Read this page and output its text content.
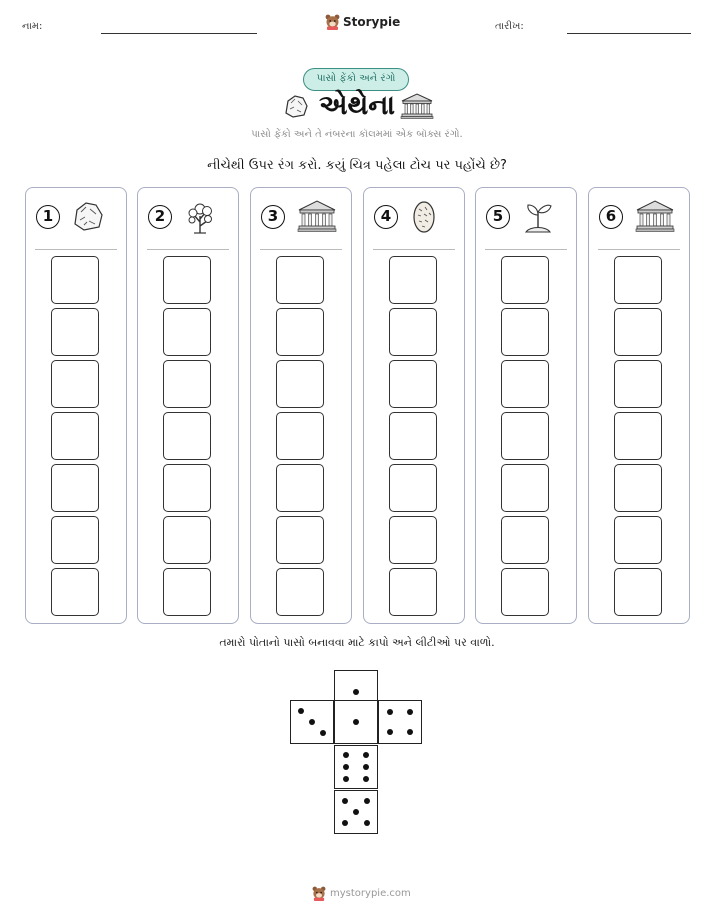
નામ:	Storypie	તારીખ:
પાસો ફેંકો અને રંગો
એથેના
પાસો ફેંકો અને તે નંબરના કૉલમમાં એક બૉક્સ રંગો.
નીચેથી ઉપર રંગ કરો. કયું ચિત્ર પહેલા ટોચ પર પહોંચે છે?
1	2	3	4	5	6
તમારો પોતાનો પાસો બનાવવા માટે કાપો અને લીટીઓ પર વાળો.
mystorypie.com
